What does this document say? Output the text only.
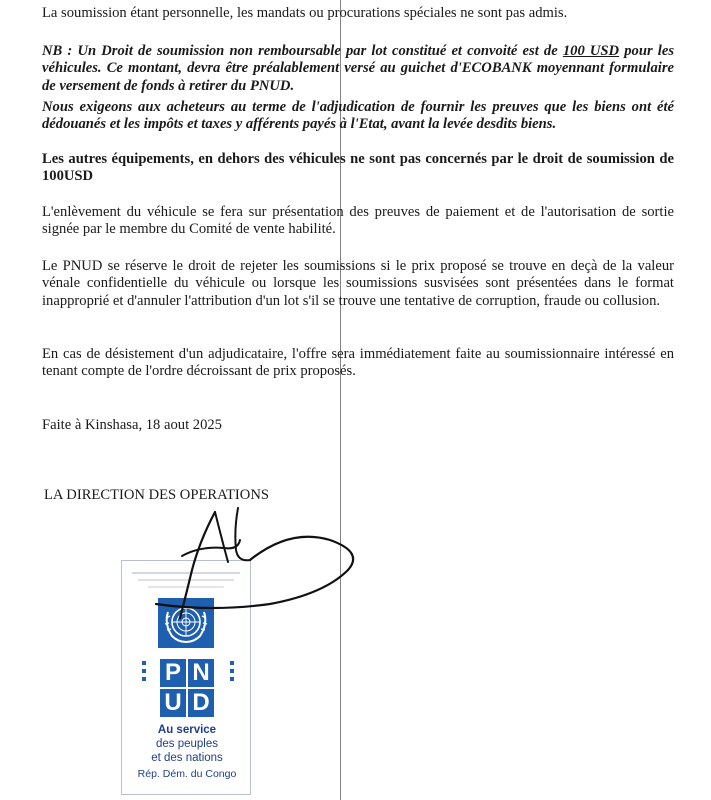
La soumission étant personnelle, les mandats ou procurations spéciales ne sont pas admis.

NB : Un Droit de soumission non remboursable par lot constitué et convoité est de 100 USD pour les véhicules. Ce montant, devra être préalablement versé au guichet d'ECOBANK moyennant formulaire de versement de fonds à retirer du PNUD.

Nous exigeons aux acheteurs au terme de l'adjudication de fournir les preuves que les biens ont été dédouanés et les impôts et taxes y afférents payés à l'Etat, avant la levée desdits biens.

Les autres équipements, en dehors des véhicules ne sont pas concernés par le droit de soumission de 100USD

L'enlèvement du véhicule se fera sur présentation des preuves de paiement et de l'autorisation de sortie signée par le membre du Comité de vente habilité.

Le PNUD se réserve le droit de rejeter les soumissions si le prix proposé se trouve en deçà de la valeur vénale confidentielle du véhicule ou lorsque les soumissions susvisées sont présentées dans le format inapproprié et d'annuler l'attribution d'un lot s'il se trouve une tentative de corruption, fraude ou collusion.

En cas de désistement d'un adjudicataire, l'offre sera immédiatement faite au soumissionnaire intéressé en tenant compte de l'ordre décroissant de prix proposés.

Faite à Kinshasa, 18 aout 2025

LA DIRECTION DES OPERATIONS

P N
U D

Au service

des peuples

et des nations

Rép. Dém. du Congo
